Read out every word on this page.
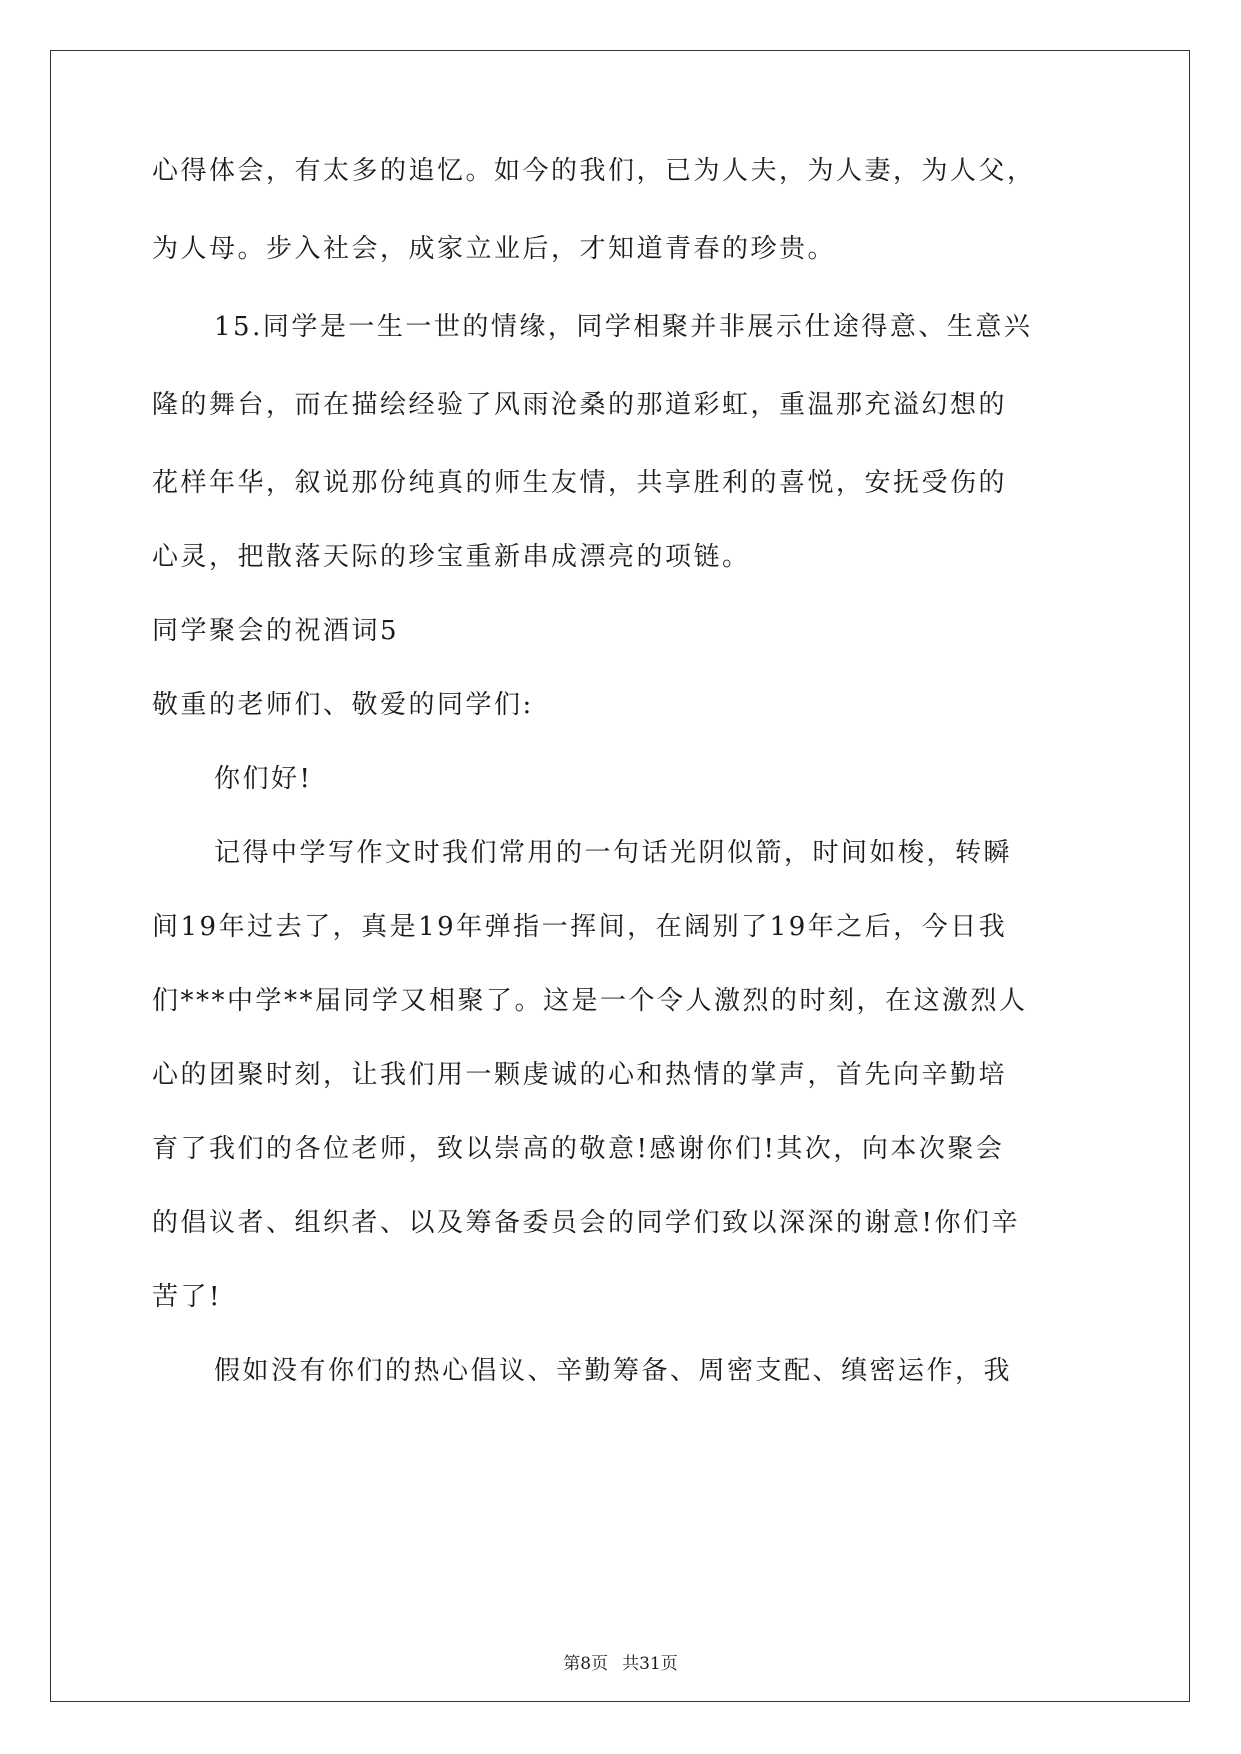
心得体会，有太多的追忆。如今的我们，已为人夫，为人妻，为人父，
为人母。步入社会，成家立业后，才知道青春的珍贵。
15.同学是一生一世的情缘，同学相聚并非展示仕途得意、生意兴
隆的舞台，而在描绘经验了风雨沧桑的那道彩虹，重温那充溢幻想的
花样年华，叙说那份纯真的师生友情，共享胜利的喜悦，安抚受伤的
心灵，把散落天际的珍宝重新串成漂亮的项链。
同学聚会的祝酒词5
敬重的老师们、敬爱的同学们:
你们好!
记得中学写作文时我们常用的一句话光阴似箭，时间如梭，转瞬
间19年过去了，真是19年弹指一挥间，在阔别了19年之后，今日我
们***中学**届同学又相聚了。这是一个令人激烈的时刻，在这激烈人
心的团聚时刻，让我们用一颗虔诚的心和热情的掌声，首先向辛勤培
育了我们的各位老师，致以崇高的敬意!感谢你们!其次，向本次聚会
的倡议者、组织者、以及筹备委员会的同学们致以深深的谢意!你们辛
苦了!
假如没有你们的热心倡议、辛勤筹备、周密支配、缜密运作，我
第8页 共31页
